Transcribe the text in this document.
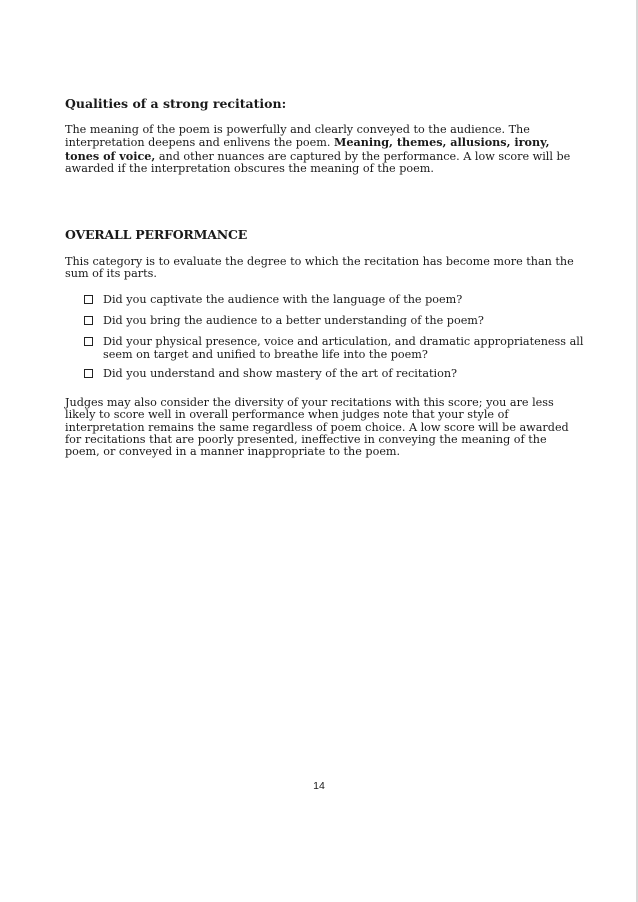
Qualities of a strong recitation:

The meaning of the poem is powerfully and clearly conveyed to the audience. The interpretation deepens and enlivens the poem. Meaning, themes, allusions, irony, tones of voice, and other nuances are captured by the performance. A low score will be awarded if the interpretation obscures the meaning of the poem.

OVERALL PERFORMANCE

This category is to evaluate the degree to which the recitation has become more than the sum of its parts.

Did you captivate the audience with the language of the poem?
Did you bring the audience to a better understanding of the poem?
Did your physical presence, voice and articulation, and dramatic appropriateness all seem on target and unified to breathe life into the poem?
Did you understand and show mastery of the art of recitation?

Judges may also consider the diversity of your recitations with this score; you are less likely to score well in overall performance when judges note that your style of interpretation remains the same regardless of poem choice. A low score will be awarded for recitations that are poorly presented, ineffective in conveying the meaning of the poem, or conveyed in a manner inappropriate to the poem.

14
